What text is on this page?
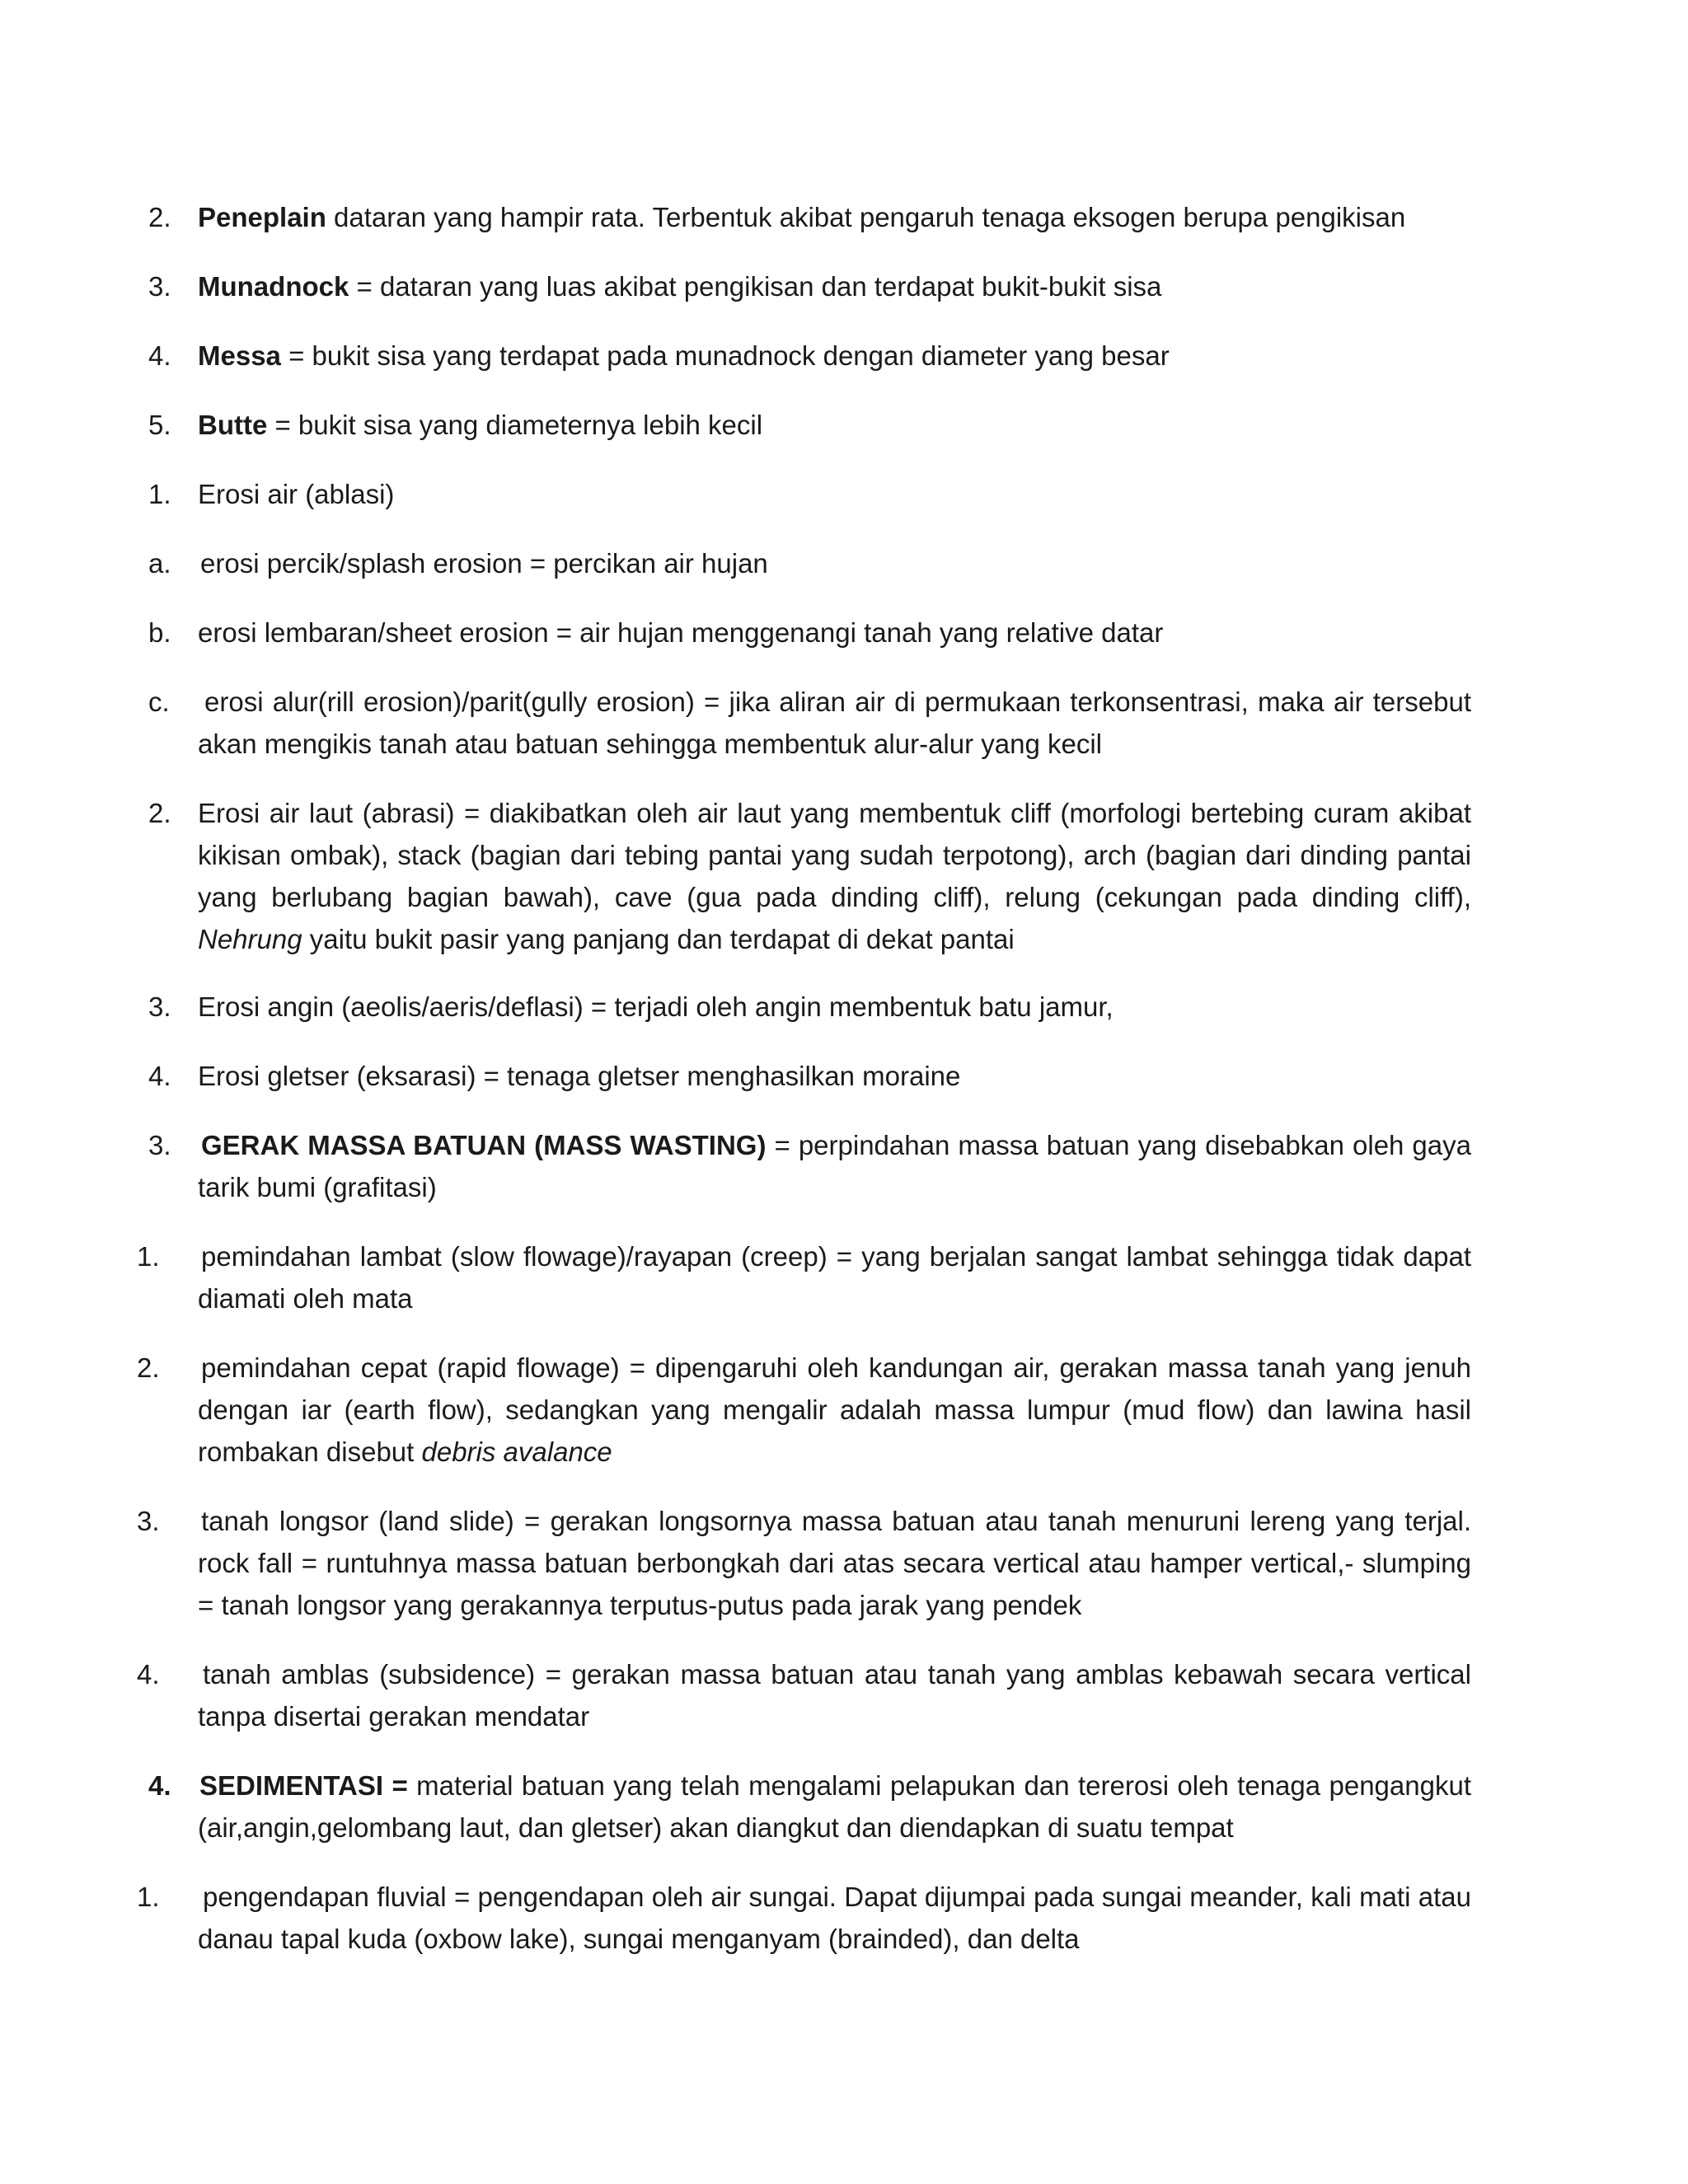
2. Peneplain dataran yang hampir rata. Terbentuk akibat pengaruh tenaga eksogen berupa pengikisan
3. Munadnock = dataran yang luas akibat pengikisan dan terdapat bukit-bukit sisa
4. Messa = bukit sisa yang terdapat pada munadnock dengan diameter yang besar
5. Butte = bukit sisa yang diameternya lebih kecil
1. Erosi air (ablasi)
a. erosi percik/splash erosion = percikan air hujan
b. erosi lembaran/sheet erosion = air hujan menggenangi tanah yang relative datar
c. erosi alur(rill erosion)/parit(gully erosion) = jika aliran air di permukaan terkonsentrasi, maka air tersebut akan mengikis tanah atau batuan sehingga membentuk alur-alur yang kecil
2. Erosi air laut (abrasi) = diakibatkan oleh air laut yang membentuk cliff (morfologi bertebing curam akibat kikisan ombak), stack (bagian dari tebing pantai yang sudah terpotong), arch (bagian dari dinding pantai yang berlubang bagian bawah), cave (gua pada dinding cliff), relung (cekungan pada dinding cliff), Nehrung yaitu bukit pasir yang panjang dan terdapat di dekat pantai
3. Erosi angin (aeolis/aeris/deflasi) = terjadi oleh angin membentuk batu jamur,
4. Erosi gletser (eksarasi) = tenaga gletser menghasilkan moraine
3. GERAK MASSA BATUAN (MASS WASTING) = perpindahan massa batuan yang disebabkan oleh gaya tarik bumi (grafitasi)
1. pemindahan lambat (slow flowage)/rayapan (creep) = yang berjalan sangat lambat sehingga tidak dapat diamati oleh mata
2. pemindahan cepat (rapid flowage) = dipengaruhi oleh kandungan air, gerakan massa tanah yang jenuh dengan iar (earth flow), sedangkan yang mengalir adalah massa lumpur (mud flow) dan lawina hasil rombakan disebut debris avalance
3. tanah longsor (land slide) = gerakan longsornya massa batuan atau tanah menuruni lereng yang terjal. rock fall = runtuhnya massa batuan berbongkah dari atas secara vertical atau hamper vertical,- slumping = tanah longsor yang gerakannya terputus-putus pada jarak yang pendek
4. tanah amblas (subsidence) = gerakan massa batuan atau tanah yang amblas kebawah secara vertical tanpa disertai gerakan mendatar
4. SEDIMENTASI = material batuan yang telah mengalami pelapukan dan tererosi oleh tenaga pengangkut (air,angin,gelombang laut, dan gletser) akan diangkut dan diendapkan di suatu tempat
1. pengendapan fluvial = pengendapan oleh air sungai. Dapat dijumpai pada sungai meander, kali mati atau danau tapal kuda (oxbow lake), sungai menganyam (brainded), dan delta
